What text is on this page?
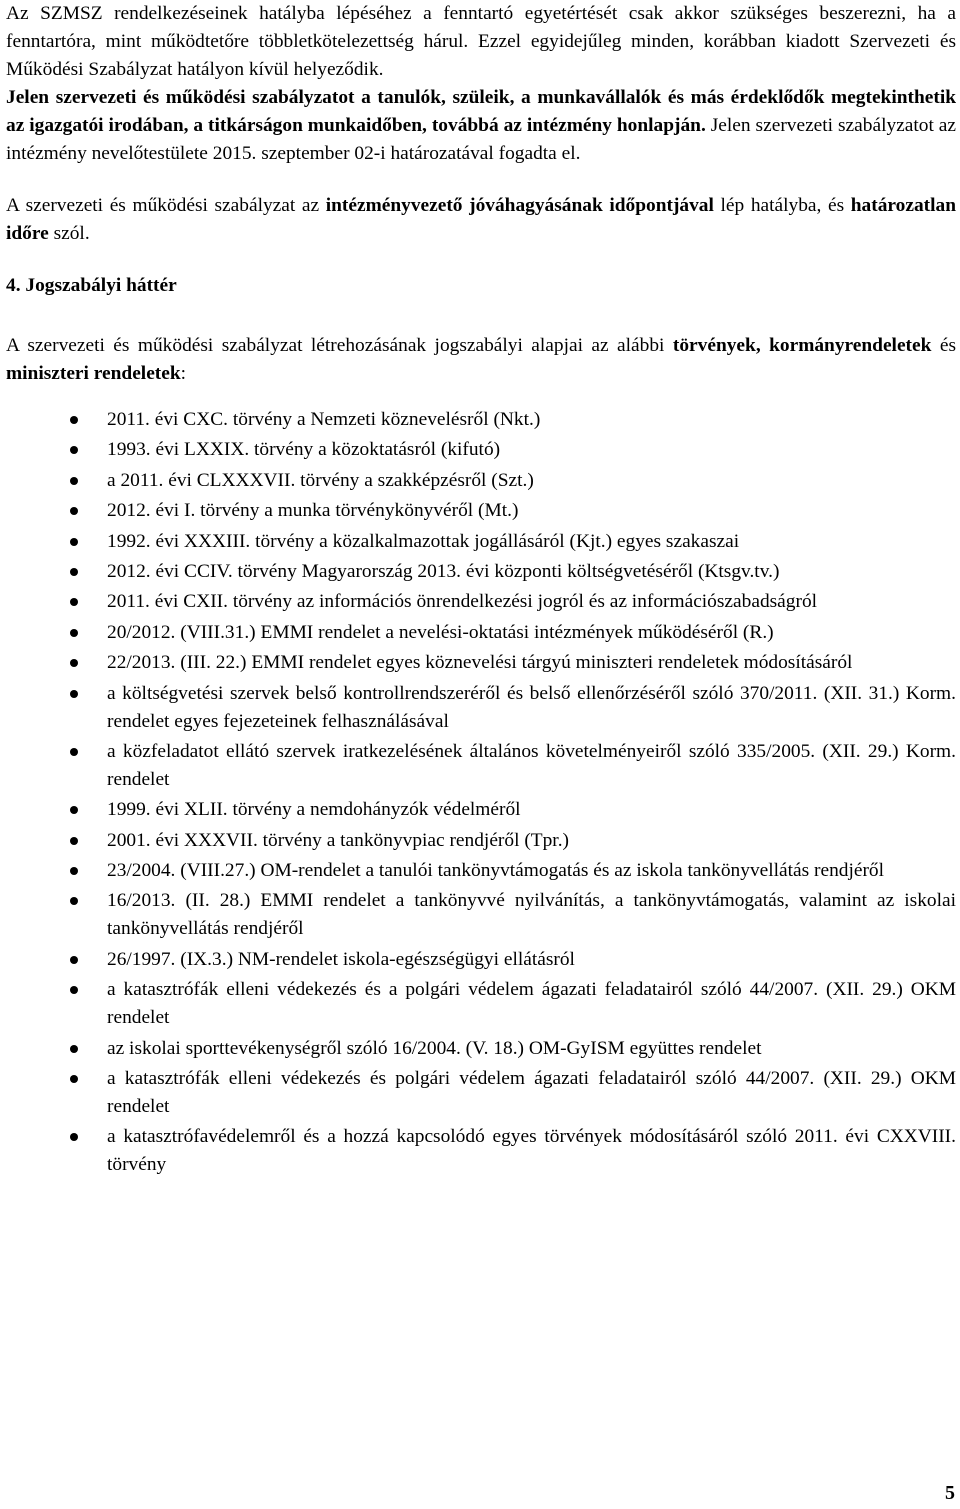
Az SZMSZ rendelkezéseinek hatályba lépéséhez a fenntartó egyetértését csak akkor szükséges beszerezni, ha a fenntartóra, mint működtetőre többletkötelezettség hárul. Ezzel egyidejűleg minden, korábban kiadott Szervezeti és Működési Szabályzat hatályon kívül helyeződik.

Jelen szervezeti és működési szabályzatot a tanulók, szüleik, a munkavállalók és más érdeklődők megtekinthetik az igazgatói irodában, a titkárságon munkaidőben, továbbá az intézmény honlapján. Jelen szervezeti szabályzatot az intézmény nevelőtestülete 2015. szeptember 02-i határozatával fogadta el.

A szervezeti és működési szabályzat az intézményvezető jóváhagyásának időpontjával lép hatályba, és határozatlan időre szól.

4. Jogszabályi háttér

A szervezeti és működési szabályzat létrehozásának jogszabályi alapjai az alábbi törvények, kormányrendeletek és miniszteri rendeletek:

2011. évi CXC. törvény a Nemzeti köznevelésről (Nkt.)
1993. évi LXXIX. törvény a közoktatásról (kifutó)
a 2011. évi CLXXXVII. törvény a szakképzésről (Szt.)
2012. évi I. törvény a munka törvénykönyvéről (Mt.)
1992. évi XXXIII. törvény a közalkalmazottak jogállásáról (Kjt.) egyes szakaszai
2012. évi CCIV. törvény Magyarország 2013. évi központi költségvetéséről (Ktsgv.tv.)
2011. évi CXII. törvény az információs önrendelkezési jogról és az információszabadságról
20/2012. (VIII.31.) EMMI rendelet a nevelési-oktatási intézmények működéséről (R.)
22/2013. (III. 22.) EMMI rendelet egyes köznevelési tárgyú miniszteri rendeletek módosításáról
a költségvetési szervek belső kontrollrendszeréről és belső ellenőrzéséről szóló 370/2011. (XII. 31.) Korm. rendelet egyes fejezeteinek felhasználásával
a közfeladatot ellátó szervek iratkezelésének általános követelményeiről szóló 335/2005. (XII. 29.) Korm. rendelet
1999. évi XLII. törvény a nemdohányzók védelméről
2001. évi XXXVII. törvény a tankönyvpiac rendjéről (Tpr.)
23/2004. (VIII.27.) OM-rendelet a tanulói tankönyvtámogatás és az iskola tankönyvellátás rendjéről
16/2013. (II. 28.) EMMI rendelet a tankönyvvé nyilvánítás, a tankönyvtámogatás, valamint az iskolai tankönyvellátás rendjéről
26/1997. (IX.3.) NM-rendelet iskola-egészségügyi ellátásról
a katasztrófák elleni védekezés és a polgári védelem ágazati feladatairól szóló 44/2007. (XII. 29.) OKM rendelet
az iskolai sporttevékenységről szóló 16/2004. (V. 18.) OM-GyISM együttes rendelet
a katasztrófák elleni védekezés és polgári védelem ágazati feladatairól szóló 44/2007. (XII. 29.) OKM rendelet
a katasztrófavédelemről és a hozzá kapcsolódó egyes törvények módosításáról szóló 2011. évi CXXVIII. törvény
5
